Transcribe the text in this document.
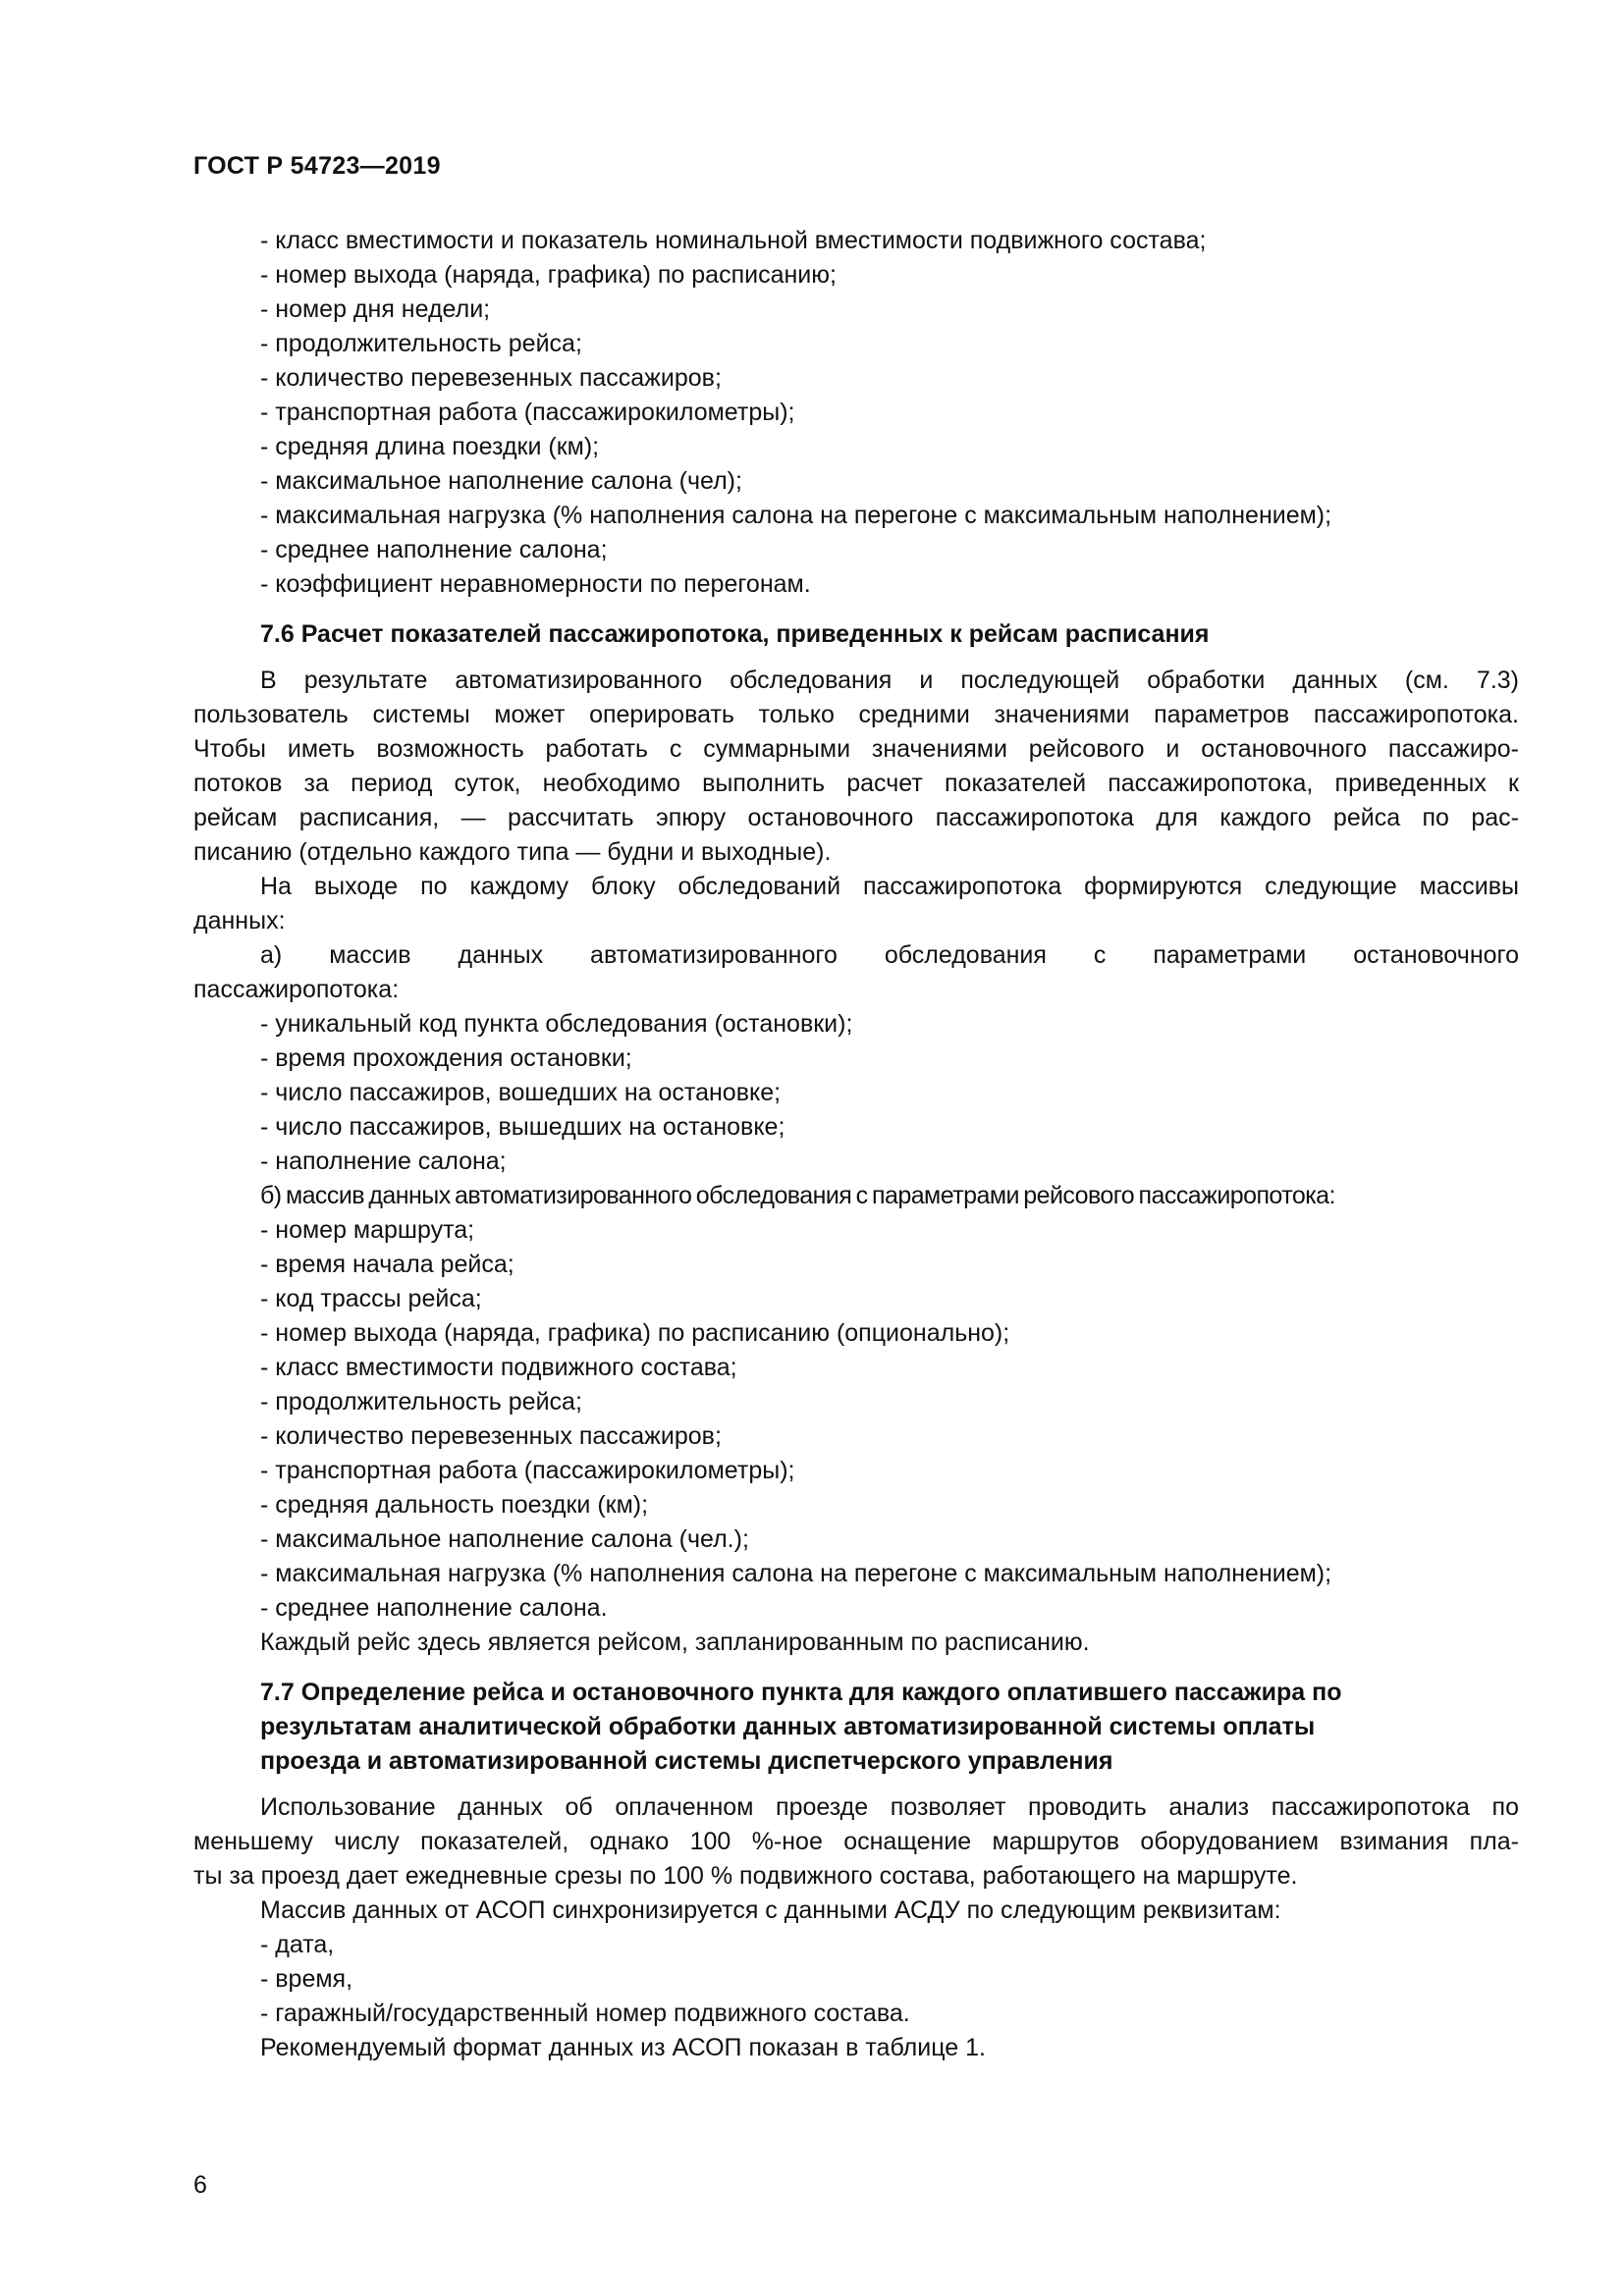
ГОСТ Р 54723—2019
- класс вместимости и показатель номинальной вместимости подвижного состава;
- номер выхода (наряда, графика) по расписанию;
- номер дня недели;
- продолжительность рейса;
- количество перевезенных пассажиров;
- транспортная работа (пассажирокилометры);
- средняя длина поездки (км);
- максимальное наполнение салона (чел);
- максимальная нагрузка (% наполнения салона на перегоне с максимальным наполнением);
- среднее наполнение салона;
- коэффициент неравномерности по перегонам.
7.6 Расчет показателей пассажиропотока, приведенных к рейсам расписания
В результате автоматизированного обследования и последующей обработки данных (см. 7.3)
пользователь системы может оперировать только средними значениями параметров пассажиропотока.
Чтобы иметь возможность работать с суммарными значениями рейсового и остановочного пассажиро-
потоков за период суток, необходимо выполнить расчет показателей пассажиропотока, приведенных к
рейсам расписания, — рассчитать эпюру остановочного пассажиропотока для каждого рейса по рас-
писанию (отдельно каждого типа — будни и выходные).
На выходе по каждому блоку обследований пассажиропотока формируются следующие массивы
данных:
а) массив данных автоматизированного обследования с параметрами остановочного
пассажиропотока:
- уникальный код пункта обследования (остановки);
- время прохождения остановки;
- число пассажиров, вошедших на остановке;
- число пассажиров, вышедших на остановке;
- наполнение салона;
б) массив данных автоматизированного обследования с параметрами рейсового пассажиропотока:
- номер маршрута;
- время начала рейса;
- код трассы рейса;
- номер выхода (наряда, графика) по расписанию (опционально);
- класс вместимости подвижного состава;
- продолжительность рейса;
- количество перевезенных пассажиров;
- транспортная работа (пассажирокилометры);
- средняя дальность поездки (км);
- максимальное наполнение салона (чел.);
- максимальная нагрузка (% наполнения салона на перегоне с максимальным наполнением);
- среднее наполнение салона.
Каждый рейс здесь является рейсом, запланированным по расписанию.
7.7 Определение рейса и остановочного пункта для каждого оплатившего пассажира по
результатам аналитической обработки данных автоматизированной системы оплаты
проезда и автоматизированной системы диспетчерского управления
Использование данных об оплаченном проезде позволяет проводить анализ пассажиропотока по
меньшему числу показателей, однако 100 %-ное оснащение маршрутов оборудованием взимания пла-
ты за проезд дает ежедневные срезы по 100 % подвижного состава, работающего на маршруте.
Массив данных от АСОП синхронизируется с данными АСДУ по следующим реквизитам:
- дата,
- время,
- гаражный/государственный номер подвижного состава.
Рекомендуемый формат данных из АСОП показан в таблице 1.
6
